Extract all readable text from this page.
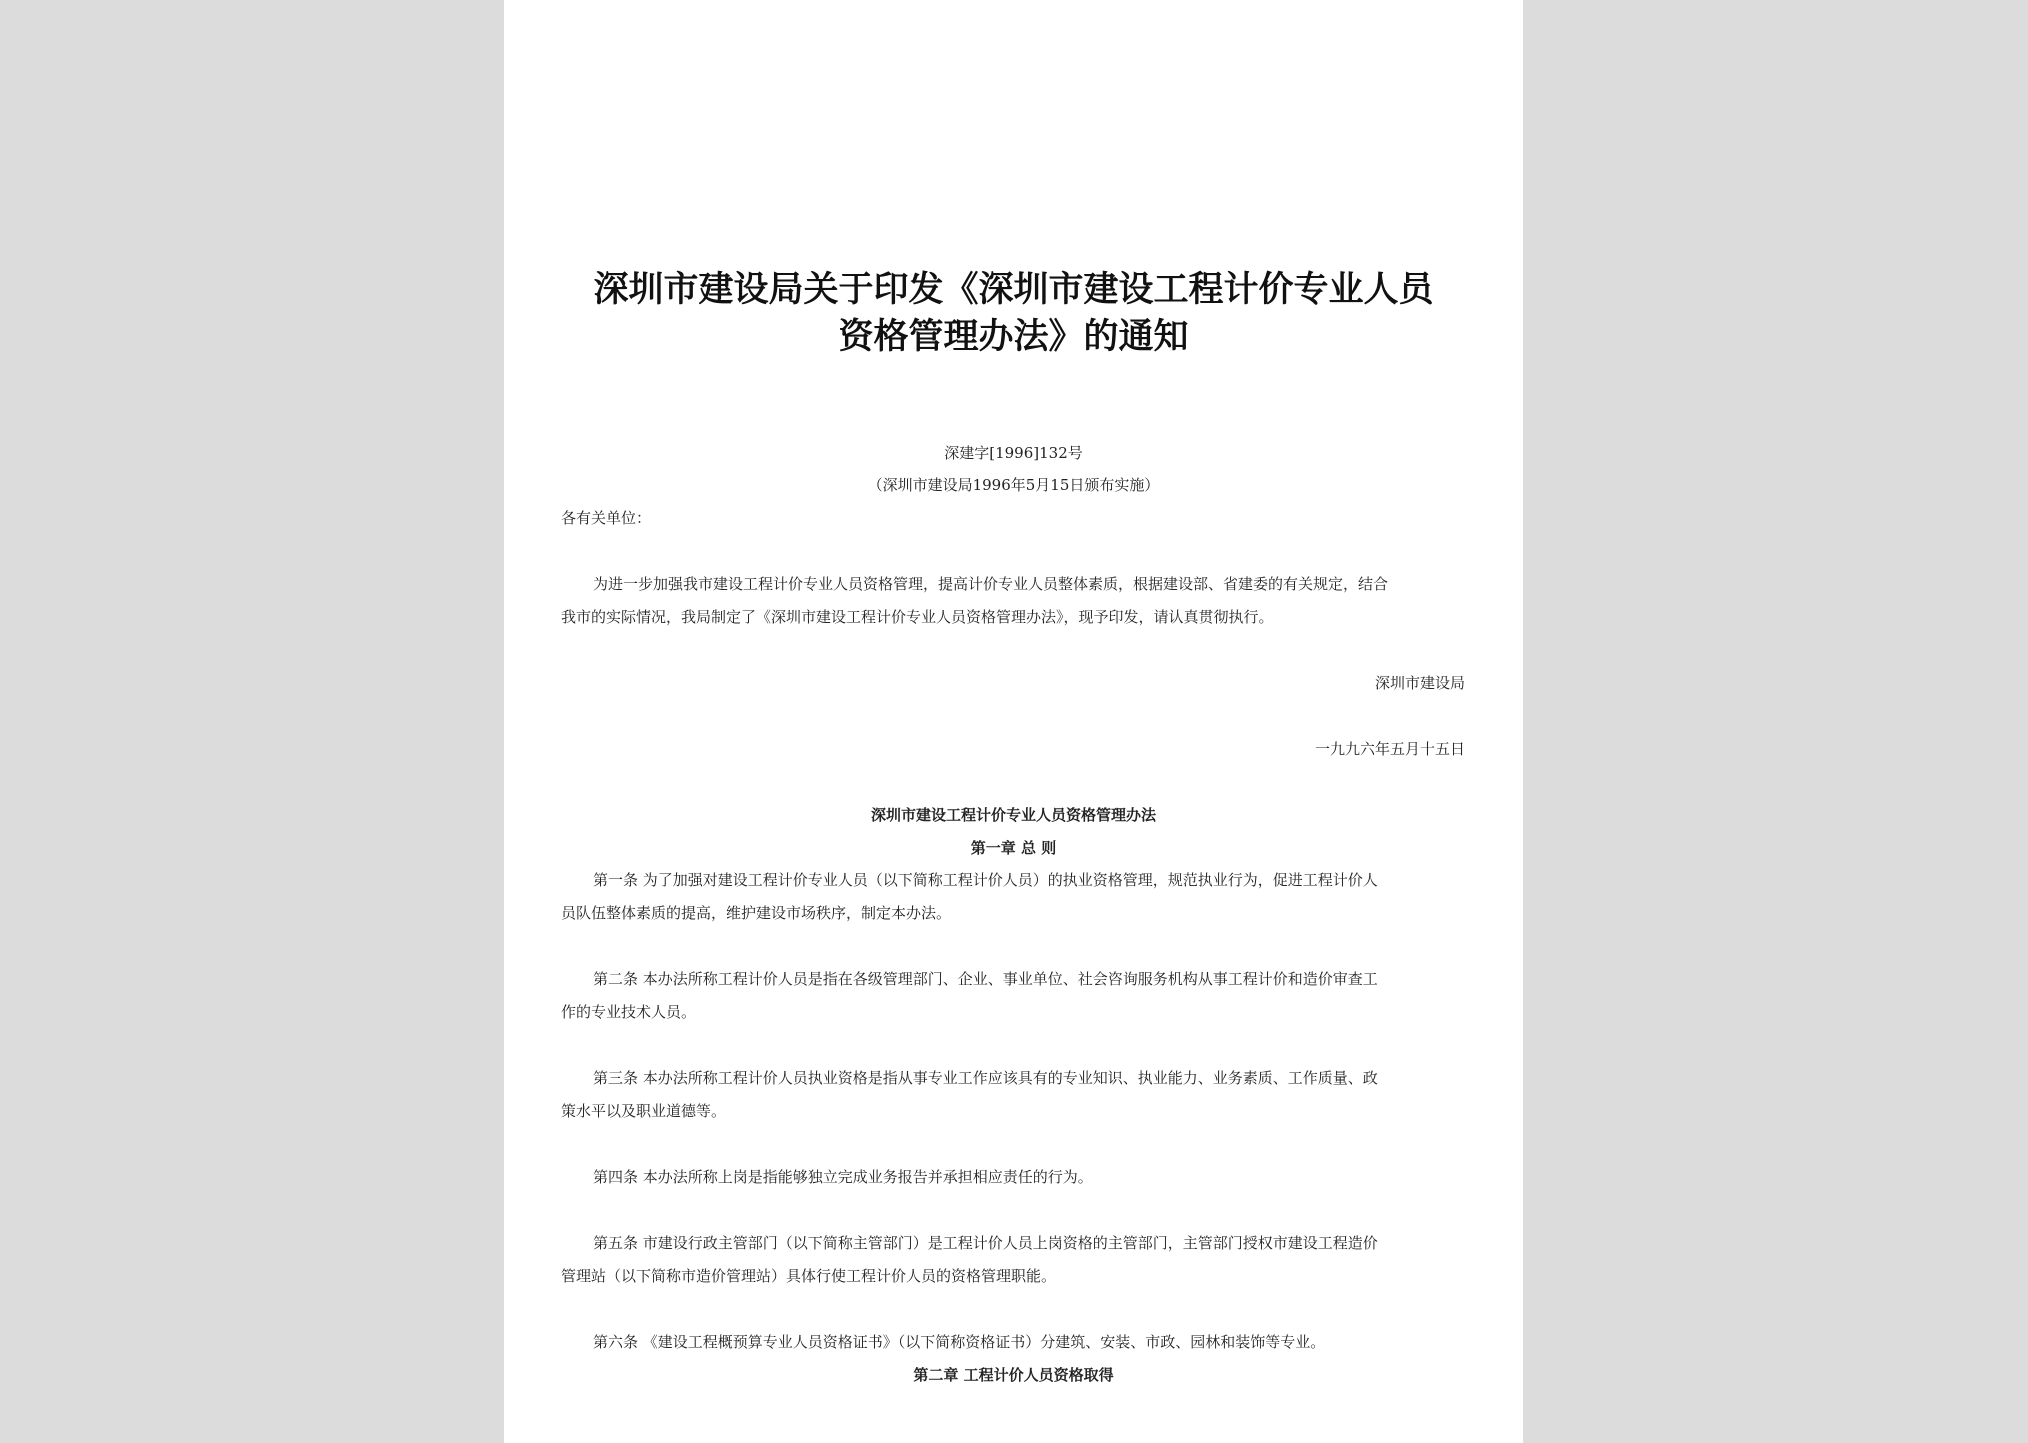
深圳市建设局关于印发《深圳市建设工程计价专业人员
资格管理办法》的通知
深建字[1996]132号
（深圳市建设局1996年5月15日颁布实施）
各有关单位：
为进一步加强我市建设工程计价专业人员资格管理，提高计价专业人员整体素质，根据建设部、省建委的有关规定，结合
我市的实际情况，我局制定了《深圳市建设工程计价专业人员资格管理办法》，现予印发，请认真贯彻执行。
深圳市建设局
一九九六年五月十五日
深圳市建设工程计价专业人员资格管理办法
第一章 总 则
第一条 为了加强对建设工程计价专业人员（以下简称工程计价人员）的执业资格管理，规范执业行为，促进工程计价人
员队伍整体素质的提高，维护建设市场秩序，制定本办法。
第二条 本办法所称工程计价人员是指在各级管理部门、企业、事业单位、社会咨询服务机构从事工程计价和造价审查工
作的专业技术人员。
第三条 本办法所称工程计价人员执业资格是指从事专业工作应该具有的专业知识、执业能力、业务素质、工作质量、政
策水平以及职业道德等。
第四条 本办法所称上岗是指能够独立完成业务报告并承担相应责任的行为。
第五条 市建设行政主管部门（以下简称主管部门）是工程计价人员上岗资格的主管部门，主管部门授权市建设工程造价
管理站（以下简称市造价管理站）具体行使工程计价人员的资格管理职能。
第六条 《建设工程概预算专业人员资格证书》（以下简称资格证书）分建筑、安装、市政、园林和装饰等专业。
第二章 工程计价人员资格取得
